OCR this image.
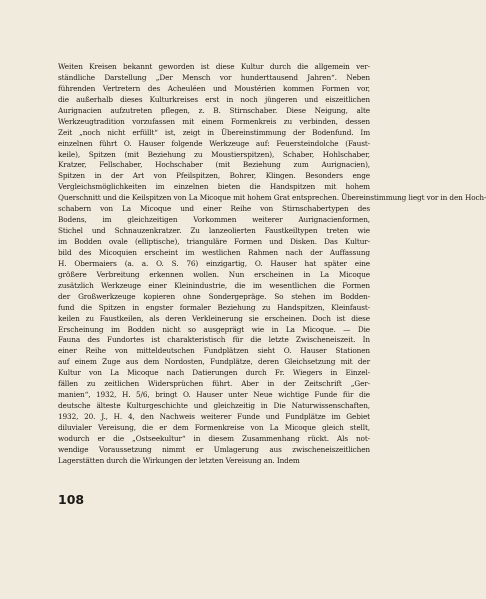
Weiten Kreisen bekannt geworden ist diese Kultur durch die allgemein ver-
ständliche Darstellung „Der Mensch vor hunderttausend Jahren“. Neben
führenden Vertretern des Acheuléen und Moustérien kommen Formen vor,
die außerhalb dieses Kulturkreises erst in noch jüngeren und eiszeitlichen
Aurignacien aufzutreten pflegen, z. B. Stirnschaber. Diese Neigung, alte
Werkzeugtradition vorzufassen mit einem Formenkreis zu verbinden, dessen
Zeit „noch nicht erfüllt“ ist, zeigt in Übereinstimmung der Bodenfund. Im
einzelnen führt O. Hauser folgende Werkzeuge auf: Feuersteindolche (Faust-
keile), Spitzen (mit Beziehung zu Moustierspitzen), Schaber, Hohlschaber,
Kratzer, Fellschaber, Hochschaber (mit Beziehung zum Aurignacien),
Spitzen in der Art von Pfeilspitzen, Bohrer, Klingen. Besonders enge
Vergleichsmöglichkeiten im einzelnen bieten die Handspitzen mit hohem
Querschnitt und die Keilspitzen von La Micoque mit hohem Grat entsprechen. Übereinstimmung liegt vor in den Hoch-
schabern von La Micoque und einer Reihe von Stirnschabertypen des
Bodens, im gleichzeitigen Vorkommen weiterer Aurignacienformen,
Stichel und Schnauzenkratzer. Zu lanzeolierten Faustkeiltypen treten wie
im Bodden ovale (elliptische), trianguläre Formen und Disken. Das Kultur-
bild des Micoquien erscheint im westlichen Rahmen nach der Auffassung
H. Obermaiers (a. a. O. S. 76) einzigartig, O. Hauser hat später eine
größere Verbreitung erkennen wollen. Nun erscheinen in La Micoque
zusätzlich Werkzeuge einer Kleinindustrie, die im wesentlichen die Formen
der Großwerkzeuge kopieren ohne Sondergepräge. So stehen im Bodden-
fund die Spitzen in engster formaler Beziehung zu Handspitzen, Kleinfaust-
keilen zu Faustkeilen, als deren Verkleinerung sie erscheinen. Doch ist diese
Erscheinung im Bodden nicht so ausgeprägt wie in La Micoque. — Die
Fauna des Fundortes ist charakteristisch für die letzte Zwischeneiszeit. In
einer Reihe von mitteldeutschen Fundplätzen sieht O. Hauser Stationen
auf einem Zuge aus dem Nordosten, Fundplätze, deren Gleichsetzung mit der
Kultur von La Micoque nach Datierungen durch Fr. Wiegers in Einzel-
fällen zu zeitlichen Widersprüchen führt. Aber in der Zeitschrift „Ger-
manien“, 1932, H. 5/6, bringt O. Hauser unter Neue wichtige Funde für die
deutsche älteste Kulturgeschichte und gleichzeitig in Die Naturwissenschaften,
1932, 20. J., H. 4, den Nachweis weiterer Funde und Fundplätze im Gebiet
diluvialer Vereisung, die er dem Formenkreise von La Micoque gleich stellt,
wodurch er die „Ostseekultur“ in diesem Zusammenhang rückt. Als not-
wendige Voraussetzung nimmt er Umlagerung aus zwischeneiszeitlichen
Lagerstätten durch die Wirkungen der letzten Vereisung an. Indem
108
